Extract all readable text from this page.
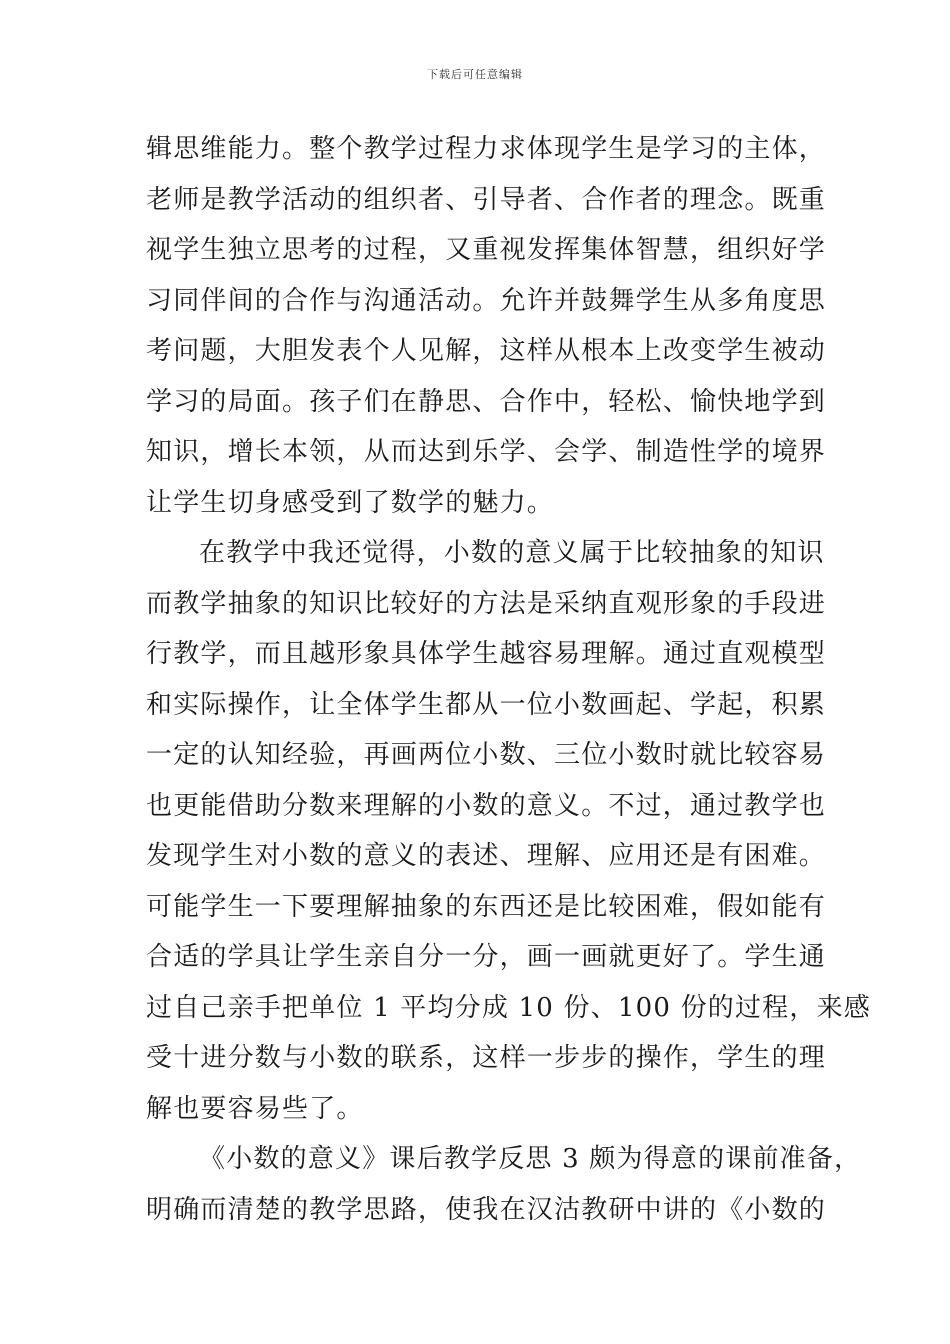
下载后可任意编辑
辑思维能力。整个教学过程力求体现学生是学习的主体，
老师是教学活动的组织者、引导者、合作者的理念。既重
视学生独立思考的过程，又重视发挥集体智慧，组织好学
习同伴间的合作与沟通活动。允许并鼓舞学生从多角度思
考问题，大胆发表个人见解，这样从根本上改变学生被动
学习的局面。孩子们在静思、合作中，轻松、愉快地学到
知识，增长本领，从而达到乐学、会学、制造性学的境界
让学生切身感受到了数学的魅力。
在教学中我还觉得，小数的意义属于比较抽象的知识
而教学抽象的知识比较好的方法是采纳直观形象的手段进
行教学，而且越形象具体学生越容易理解。通过直观模型
和实际操作，让全体学生都从一位小数画起、学起，积累
一定的认知经验，再画两位小数、三位小数时就比较容易
也更能借助分数来理解的小数的意义。不过，通过教学也
发现学生对小数的意义的表述、理解、应用还是有困难。
可能学生一下要理解抽象的东西还是比较困难，假如能有
合适的学具让学生亲自分一分，画一画就更好了。学生通
过自己亲手把单位 1 平均分成 10 份、100 份的过程，来感
受十进分数与小数的联系，这样一步步的操作，学生的理
解也要容易些了。
《小数的意义》课后教学反思 3 颇为得意的课前准备，
明确而清楚的教学思路，使我在汉沽教研中讲的《小数的
